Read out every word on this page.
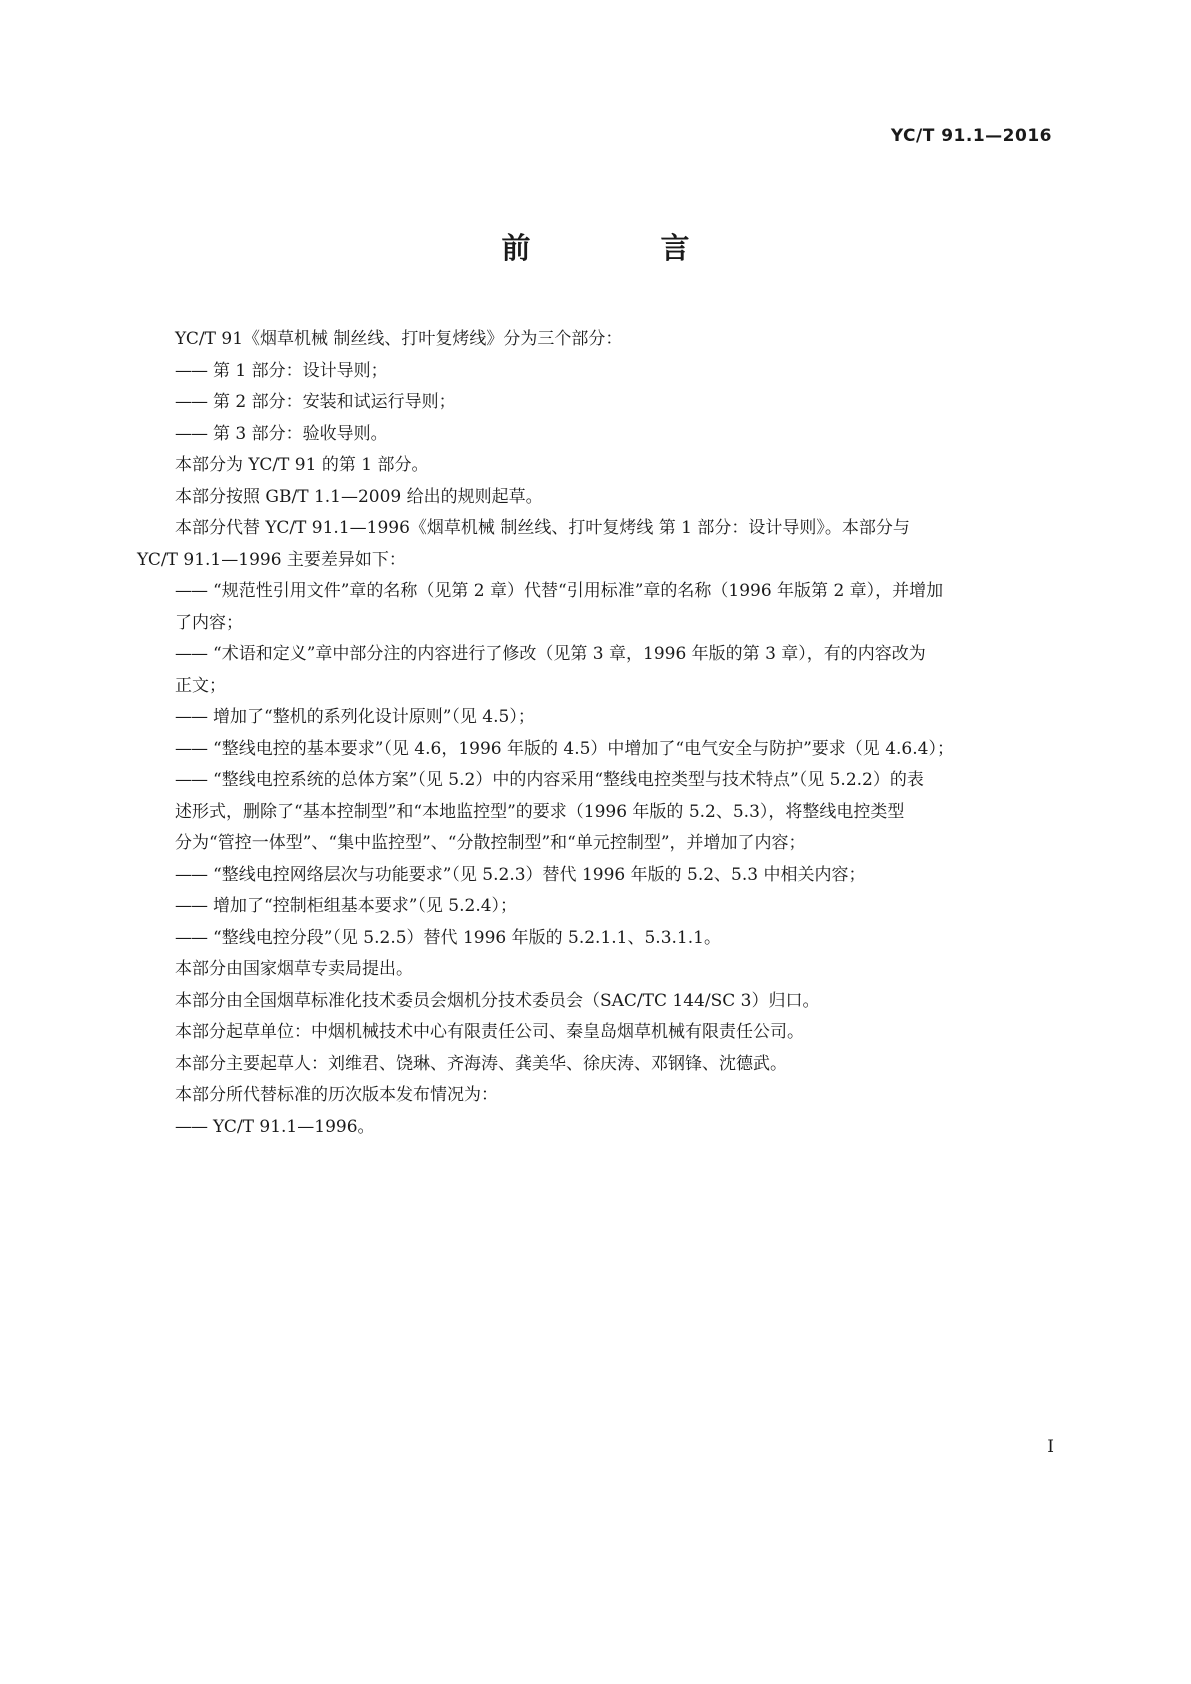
YC/T 91.1—2016
前 言
YC/T 91《烟草机械 制丝线、打叶复烤线》分为三个部分：
—— 第 1 部分：设计导则；
—— 第 2 部分：安装和试运行导则；
—— 第 3 部分：验收导则。
本部分为 YC/T 91 的第 1 部分。
本部分按照 GB/T 1.1—2009 给出的规则起草。
本部分代替 YC/T 91.1—1996《烟草机械 制丝线、打叶复烤线 第 1 部分：设计导则》。本部分与
YC/T 91.1—1996 主要差异如下：
—— “规范性引用文件”章的名称（见第 2 章）代替“引用标准”章的名称（1996 年版第 2 章），并增加
了内容；
—— “术语和定义”章中部分注的内容进行了修改（见第 3 章，1996 年版的第 3 章），有的内容改为
正文；
—— 增加了“整机的系列化设计原则”（见 4.5）；
—— “整线电控的基本要求”（见 4.6，1996 年版的 4.5）中增加了“电气安全与防护”要求（见 4.6.4）；
—— “整线电控系统的总体方案”（见 5.2）中的内容采用“整线电控类型与技术特点”（见 5.2.2）的表
述形式，删除了“基本控制型”和“本地监控型”的要求（1996 年版的 5.2、5.3），将整线电控类型
分为“管控一体型”、“集中监控型”、“分散控制型”和“单元控制型”，并增加了内容；
—— “整线电控网络层次与功能要求”（见 5.2.3）替代 1996 年版的 5.2、5.3 中相关内容；
—— 增加了“控制柜组基本要求”（见 5.2.4）；
—— “整线电控分段”（见 5.2.5）替代 1996 年版的 5.2.1.1、5.3.1.1。
本部分由国家烟草专卖局提出。
本部分由全国烟草标准化技术委员会烟机分技术委员会（SAC/TC 144/SC 3）归口。
本部分起草单位：中烟机械技术中心有限责任公司、秦皇岛烟草机械有限责任公司。
本部分主要起草人：刘维君、饶琳、齐海涛、龚美华、徐庆涛、邓钢锋、沈德武。
本部分所代替标准的历次版本发布情况为：
—— YC/T 91.1—1996。
I
